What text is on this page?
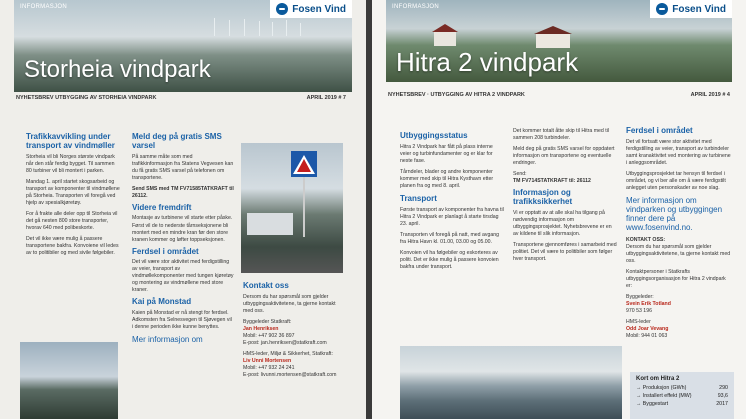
INFORMASJON	Fosen Vind
Storheia vindpark
NYHETSBREV UTBYGGING AV STORHEIA VINDPARK	APRIL 2019 # 7
Trafikkavvikling under transport av vindmøller
Storheia vil bli Norges største vindpark når den står ferdig bygget. Til sammen 80 turbiner vil bli montert i parken.
Mandag 1. april startet skogsarbeid og transport av komponenter til vindmøllene på Storheia. Transporten vil foregå ved hjelp av spesialkjøretøy.
For å frakte alle deler opp til Storheia vil det gå nesten 800 store transporter, hvorav 640 med polibeskorte.
Det vil ikke være mulig å passere transportene bakfra. Konvoiene vil ledes av to politibiler og med sivile følgebiler.
Meld deg på gratis SMS varsel
På samme måte som med trafikkinformasjon fra Statens Vegvesen kan du få gratis SMS varsel på telefonen om transportene.
Send SMS med TM FV71585TATKRAFT til 26112.
Videre fremdrift
Montasje av turbinene vil starte etter påske. Først vil de to nederste tårnseksjonene bli montert med en mindre kran før den store kranen kommer og løfter toppseksjonen.
Ferdsel i området
Det vil være stor aktivitet med ferdigstilling av veier, transport av vindmøllekomponenter med tungen kjøretøy og montering av vindmøllene med store kraner.
Kai på Monstad
Kaien på Monstad er nå stengt for ferdsel. Adkomsten fra Selnesvegen til Sjøvegen vil i denne perioden ikke kunne benyttes.
Mer informasjon om
Kontakt oss
Dersom du har spørsmål som gjelder utbyggingsaktivitetene, ta gjerne kontakt med oss.
Byggeleder Statkraft:
Jan Henriksen
Mobil: +47 902 36 897
E-post: jan.henriksen@statkraft.com
HMS-leder, Miljø & Sikkerhet, Statkraft:
Liv Unni Mortensen
Mobil: +47 932 24 241
E-post: livunni.mortensen@statkraft.com
INFORMASJON	Fosen Vind
Hitra 2 vindpark
NYHETSBREV · UTBYGGING AV HITRA 2 VINDPARK	APRIL 2019 # 4
Utbyggingsstatus
Hitra 2 Vindpark har fått på plass interne veier og turbinfundamenter og er klar for neste fase.
Tårndeler, blader og andre komponenter kommer med skip til Hitra Kysthavn etter planen fra og med 8. april.
Transport
Første transport av komponenter fra havna til Hitra 2 Vindpark er planlagt å starte tirsdag 23. april.
Transporten vil foregå på natt, med avgang fra Hitra Havn kl. 01.00, 03.00 og 05.00.
Konvoien vil ha følgebiler og eskorteres av politi. Det er ikke mulig å passere konvoien bakfra under transport.
Det kommer totalt åtte skip til Hitra med til sammen 208 turbindeler.
Meld deg på gratis SMS varsel for oppdatert informasjon om transportene og eventuelle endringer.
Send:
TM FV714STATKRAFT til: 26112
Informasjon og trafikksikkerhet
Vi er opptatt av at alle skal ha tilgang på nødvendig informasjon om utbyggingsprosjektet. Nyhetsbrevene er en av kildene til slik informasjon.
Transportene gjennomføres i samarbeid med politiet. Det vil være to politibiler som følger hver transport.
Ferdsel i området
Det vil fortsatt være stor aktivitet med ferdigstilling av veier, transport av turbindeler samt kranaktivitet ved montering av turbinene i anleggsområdet.
Utbyggingsprosjektet tar hensyn til ferdsel i området, og vi ber alle om å være ferdigstilt anlegget uten personskader av noe slag.
Mer informasjon om vindparken og utbyggingen finner dere på www.fosenvind.no.
KONTAKT OSS:
Dersom du har spørsmål som gjelder utbyggingsaktivitetene, ta gjerne kontakt med oss.
Kontaktpersoner i Statkrafts utbyggingsorganisasjon for Hitra 2 vindpark er:
Byggeleder:
Svein Erik Totland
970 53 196
HMS-leder
Odd Joar Vevang
Mobil: 944 01 063
Kort om Hitra 2
→ Produksjon (GWh)	290
→ Installert effekt (MW)	93,6
→ Byggestart	2017
